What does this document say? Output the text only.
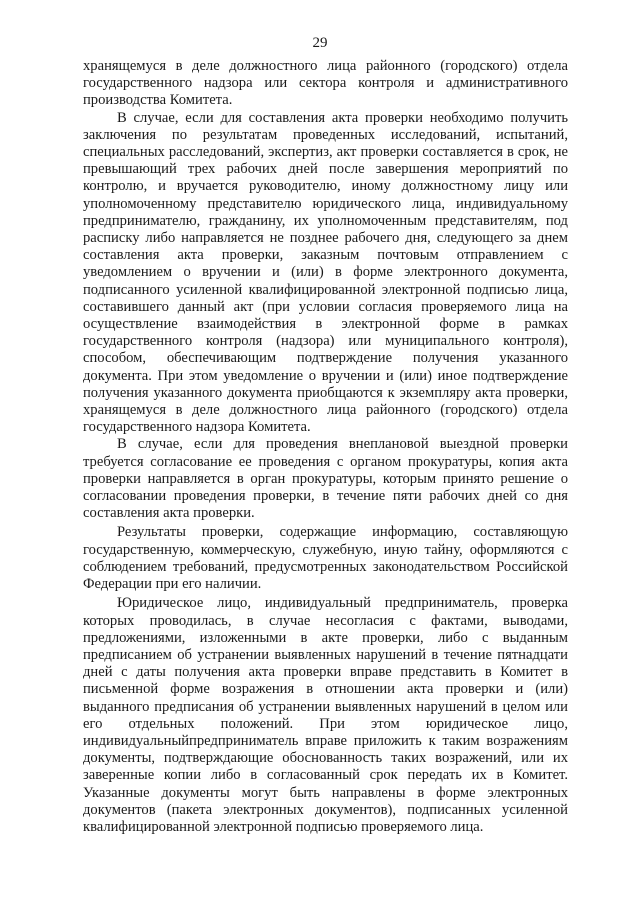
29

хранящемуся в деле должностного лица районного (городского) отдела государственного надзора или сектора контроля и административного производства Комитета.

В случае, если для составления акта проверки необходимо получить заключения по результатам проведенных исследований, испытаний, специальных расследований, экспертиз, акт проверки составляется в срок, не превышающий трех рабочих дней после завершения мероприятий по контролю, и вручается руководителю, иному должностному лицу или уполномоченному представителю юридического лица, индивидуальному предпринимателю, гражданину, их уполномоченным представителям, под расписку либо направляется не позднее рабочего дня, следующего за днем составления акта проверки, заказным почтовым отправлением с уведомлением о вручении и (или) в форме электронного документа, подписанного усиленной квалифицированной электронной подписью лица, составившего данный акт (при условии согласия проверяемого лица на осуществление взаимодействия в электронной форме в рамках государственного контроля (надзора) или муниципального контроля), способом, обеспечивающим подтверждение получения указанного документа. При этом уведомление о вручении и (или) иное подтверждение получения указанного документа приобщаются к экземпляру акта проверки, хранящемуся в деле должностного лица районного (городского) отдела государственного надзора Комитета.

В случае, если для проведения внеплановой выездной проверки требуется согласование ее проведения с органом прокуратуры, копия акта проверки направляется в орган прокуратуры, которым принято решение о согласовании проведения проверки, в течение пяти рабочих дней со дня составления акта проверки.

Результаты проверки, содержащие информацию, составляющую государственную, коммерческую, служебную, иную тайну, оформляются с соблюдением требований, предусмотренных законодательством Российской Федерации при его наличии.

Юридическое лицо, индивидуальный предприниматель, проверка которых проводилась, в случае несогласия с фактами, выводами, предложениями, изложенными в акте проверки, либо с выданным предписанием об устранении выявленных нарушений в течение пятнадцати дней с даты получения акта проверки вправе представить в Комитет в письменной форме возражения в отношении акта проверки и (или) выданного предписания об устранении выявленных нарушений в целом или его отдельных положений. При этом юридическое лицо, индивидуальныйпредприниматель вправе приложить к таким возражениям документы, подтверждающие обоснованность таких возражений, или их заверенные копии либо в согласованный срок передать их в Комитет. Указанные документы могут быть направлены в форме электронных документов (пакета электронных документов), подписанных усиленной квалифицированной электронной подписью проверяемого лица.
